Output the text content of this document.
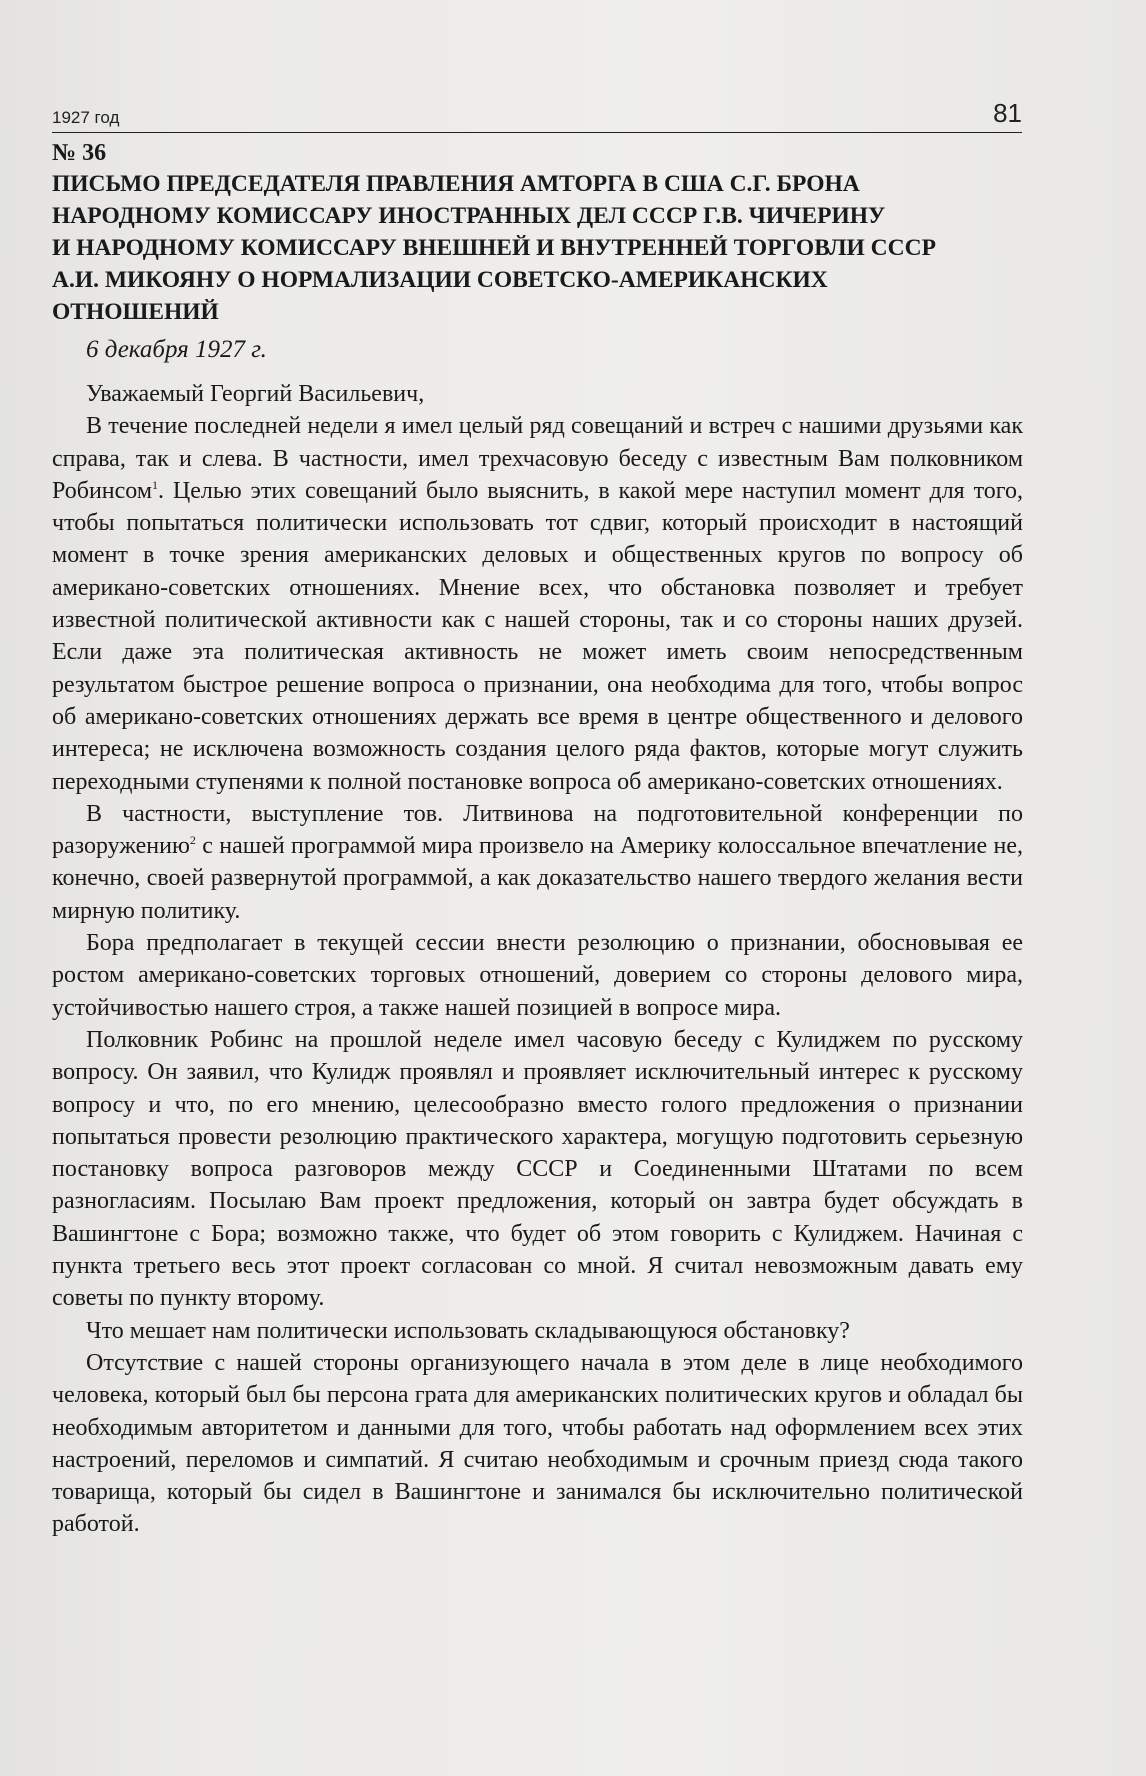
1927 год	81
№ 36
ПИСЬМО ПРЕДСЕДАТЕЛЯ ПРАВЛЕНИЯ АМТОРГА В США С.Г. БРОНА
НАРОДНОМУ КОМИССАРУ ИНОСТРАННЫХ ДЕЛ СССР Г.В. ЧИЧЕРИНУ
И НАРОДНОМУ КОМИССАРУ ВНЕШНЕЙ И ВНУТРЕННЕЙ ТОРГОВЛИ СССР
А.И. МИКОЯНУ О НОРМАЛИЗАЦИИ СОВЕТСКО-АМЕРИКАНСКИХ
ОТНОШЕНИЙ
6 декабря 1927 г.

Уважаемый Георгий Васильевич,

В течение последней недели я имел целый ряд совещаний и встреч с нашими друзьями как справа, так и слева. В частности, имел трехчасовую беседу с известным Вам полковником Робинсом$^1$. Целью этих совещаний было выяснить, в какой мере наступил момент для того, чтобы попытаться политически использовать тот сдвиг, который происходит в настоящий момент в точке зрения американских деловых и общественных кругов по вопросу об американо-советских отношениях. Мнение всех, что обстановка позволяет и требует известной политической активности как с нашей стороны, так и со стороны наших друзей. Если даже эта политическая активность не может иметь своим непосредственным результатом быстрое решение вопроса о признании, она необходима для того, чтобы вопрос об американо-советских отношениях держать все время в центре общественного и делового интереса; не исключена возможность создания целого ряда фактов, которые могут служить переходными ступенями к полной постановке вопроса об американо-советских отношениях.

В частности, выступление тов. Литвинова на подготовительной конференции по разоружению$^2$ с нашей программой мира произвело на Америку колоссальное впечатление не, конечно, своей развернутой программой, а как доказательство нашего твердого желания вести мирную политику.

Бора предполагает в текущей сессии внести резолюцию о признании, обосновывая ее ростом американо-советских торговых отношений, доверием со стороны делового мира, устойчивостью нашего строя, а также нашей позицией в вопросе мира.

Полковник Робинс на прошлой неделе имел часовую беседу с Кулиджем по русскому вопросу. Он заявил, что Кулидж проявлял и проявляет исключительный интерес к русскому вопросу и что, по его мнению, целесообразно вместо голого предложения о признании попытаться провести резолюцию практического характера, могущую подготовить серьезную постановку вопроса разговоров между СССР и Соединенными Штатами по всем разногласиям. Посылаю Вам проект предложения, который он завтра будет обсуждать в Вашингтоне с Бора; возможно также, что будет об этом говорить с Кулиджем. Начиная с пункта третьего весь этот проект согласован со мной. Я считал невозможным давать ему советы по пункту второму.

Что мешает нам политически использовать складывающуюся обстановку?

Отсутствие с нашей стороны организующего начала в этом деле в лице необходимого человека, который был бы персона грата для американских политических кругов и обладал бы необходимым авторитетом и данными для того, чтобы работать над оформлением всех этих настроений, переломов и симпатий. Я считаю необходимым и срочным приезд сюда такого товарища, который бы сидел в Вашингтоне и занимался бы исключительно политической работой.
